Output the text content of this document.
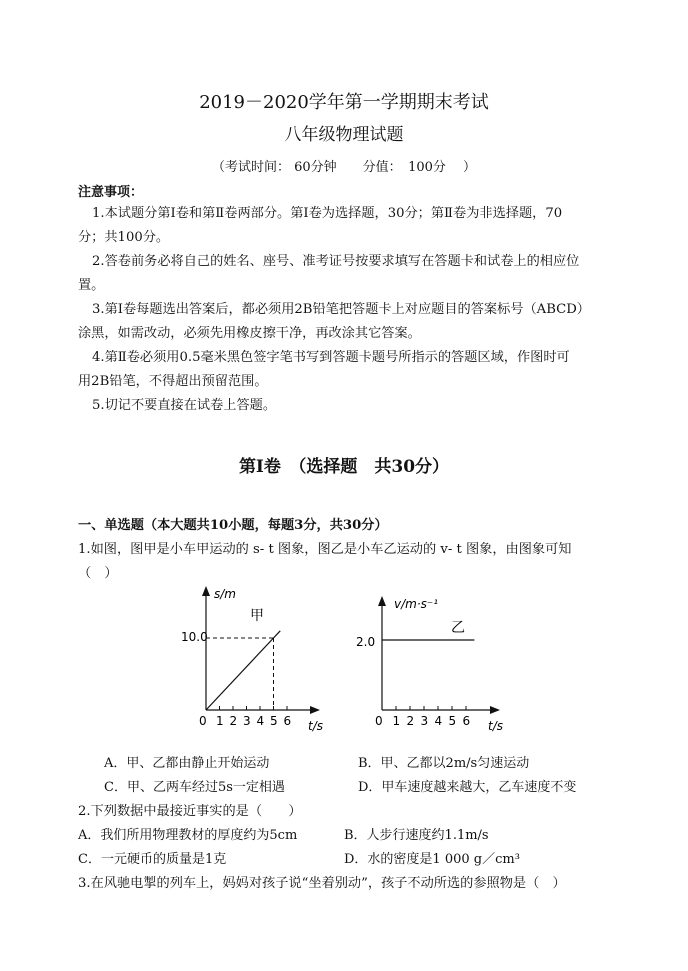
2019－2020学年第一学期期末考试
八年级物理试题
（考试时间： 60分钟　　分值：　100分　 ）
注意事项：
1.本试题分第Ⅰ卷和第Ⅱ卷两部分。第Ⅰ卷为选择题，30分；第Ⅱ卷为非选择题，70
分；共100分。
2.答卷前务必将自己的姓名、座号、准考证号按要求填写在答题卡和试卷上的相应位
置。
3.第Ⅰ卷每题选出答案后，都必须用2B铅笔把答题卡上对应题目的答案标号（ABCD）
涂黑，如需改动，必须先用橡皮擦干净，再改涂其它答案。
4.第Ⅱ卷必须用0.5毫米黑色签字笔书写到答题卡题号所指示的答题区域，作图时可
用2B铅笔，不得超出预留范围。
5.切记不要直接在试卷上答题。
第Ⅰ卷　（选择题　共30分）
一、单选题（本大题共10小题，每题3分，共30分）
1.如图，图甲是小车甲运动的 s- t 图象，图乙是小车乙运动的 v- t 图象，由图象可知
（　）
s/m
甲
10.0
0 1 2 3 4 5 6 t/s
v/m·s⁻¹
乙
2.0
0 1 2 3 4 5 6 t/s
A．甲、乙都由静止开始运动	B．甲、乙都以2m/s匀速运动
C．甲、乙两车经过5s一定相遇	D．甲车速度越来越大，乙车速度不变
2.下列数据中最接近事实的是（　　）
A．我们所用物理教材的厚度约为5cm	B．人步行速度约1.1m/s
C．一元硬币的质量是1克	D．水的密度是1 000 g／cm³
3.在风驰电掣的列车上，妈妈对孩子说“坐着别动”，孩子不动所选的参照物是（　）
